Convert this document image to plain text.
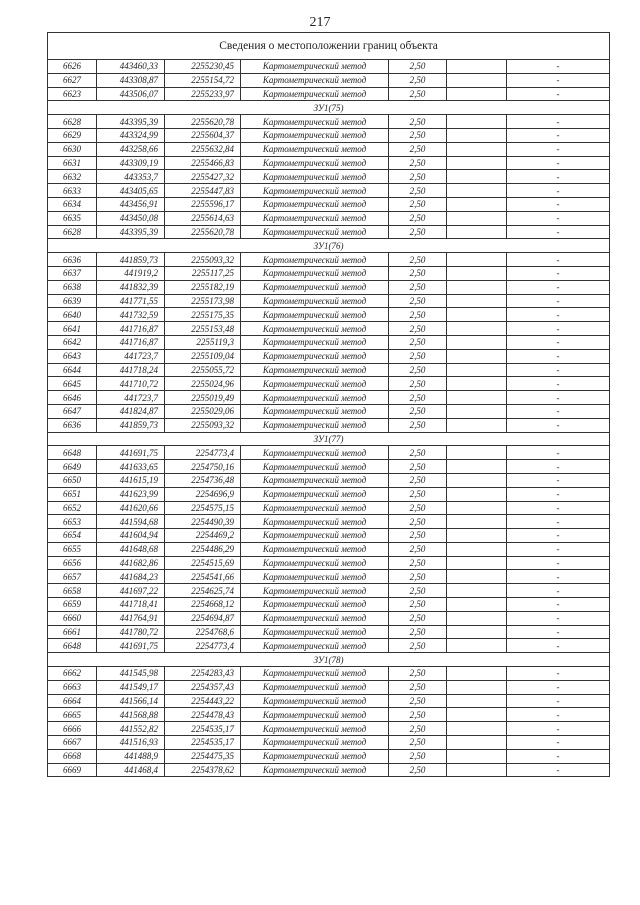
217
Сведения о местоположении границ объекта						
6626	443460,33	2255230,45	Картометрический метод	2,50		-
6627	443308,87	2255154,72	Картометрический метод	2,50		-
6623	443506,07	2255233,97	Картометрический метод	2,50		-
ЗУ1(75)						
6628	443395,39	2255620,78	Картометрический метод	2,50		-
6629	443324,99	2255604,37	Картометрический метод	2,50		-
6630	443258,66	2255632,84	Картометрический метод	2,50		-
6631	443309,19	2255466,83	Картометрический метод	2,50		-
6632	443353,7	2255427,32	Картометрический метод	2,50		-
6633	443405,65	2255447,83	Картометрический метод	2,50		-
6634	443456,91	2255596,17	Картометрический метод	2,50		-
6635	443450,08	2255614,63	Картометрический метод	2,50		-
6628	443395,39	2255620,78	Картометрический метод	2,50		-
ЗУ1(76)						
6636	441859,73	2255093,32	Картометрический метод	2,50		-
6637	441919,2	2255117,25	Картометрический метод	2,50		-
6638	441832,39	2255182,19	Картометрический метод	2,50		-
6639	441771,55	2255173,98	Картометрический метод	2,50		-
6640	441732,59	2255175,35	Картометрический метод	2,50		-
6641	441716,87	2255153,48	Картометрический метод	2,50		-
6642	441716,87	2255119,3	Картометрический метод	2,50		-
6643	441723,7	2255109,04	Картометрический метод	2,50		-
6644	441718,24	2255055,72	Картометрический метод	2,50		-
6645	441710,72	2255024,96	Картометрический метод	2,50		-
6646	441723,7	2255019,49	Картометрический метод	2,50		-
6647	441824,87	2255029,06	Картометрический метод	2,50		-
6636	441859,73	2255093,32	Картометрический метод	2,50		-
ЗУ1(77)						
6648	441691,75	2254773,4	Картометрический метод	2,50		-
6649	441633,65	2254750,16	Картометрический метод	2,50		-
6650	441615,19	2254736,48	Картометрический метод	2,50		-
6651	441623,99	2254696,9	Картометрический метод	2,50		-
6652	441620,66	2254575,15	Картометрический метод	2,50		-
6653	441594,68	2254490,39	Картометрический метод	2,50		-
6654	441604,94	2254469,2	Картометрический метод	2,50		-
6655	441648,68	2254486,29	Картометрический метод	2,50		-
6656	441682,86	2254515,69	Картометрический метод	2,50		-
6657	441684,23	2254541,66	Картометрический метод	2,50		-
6658	441697,22	2254625,74	Картометрический метод	2,50		-
6659	441718,41	2254668,12	Картометрический метод	2,50		-
6660	441764,91	2254694,87	Картометрический метод	2,50		-
6661	441780,72	2254768,6	Картометрический метод	2,50		-
6648	441691,75	2254773,4	Картометрический метод	2,50		-
ЗУ1(78)						
6662	441545,98	2254283,43	Картометрический метод	2,50		-
6663	441549,17	2254357,43	Картометрический метод	2,50		-
6664	441566,14	2254443,22	Картометрический метод	2,50		-
6665	441568,88	2254478,43	Картометрический метод	2,50		-
6666	441552,82	2254535,17	Картометрический метод	2,50		-
6667	441516,93	2254535,17	Картометрический метод	2,50		-
6668	441488,9	2254475,35	Картометрический метод	2,50		-
6669	441468,4	2254378,62	Картометрический метод	2,50		-
